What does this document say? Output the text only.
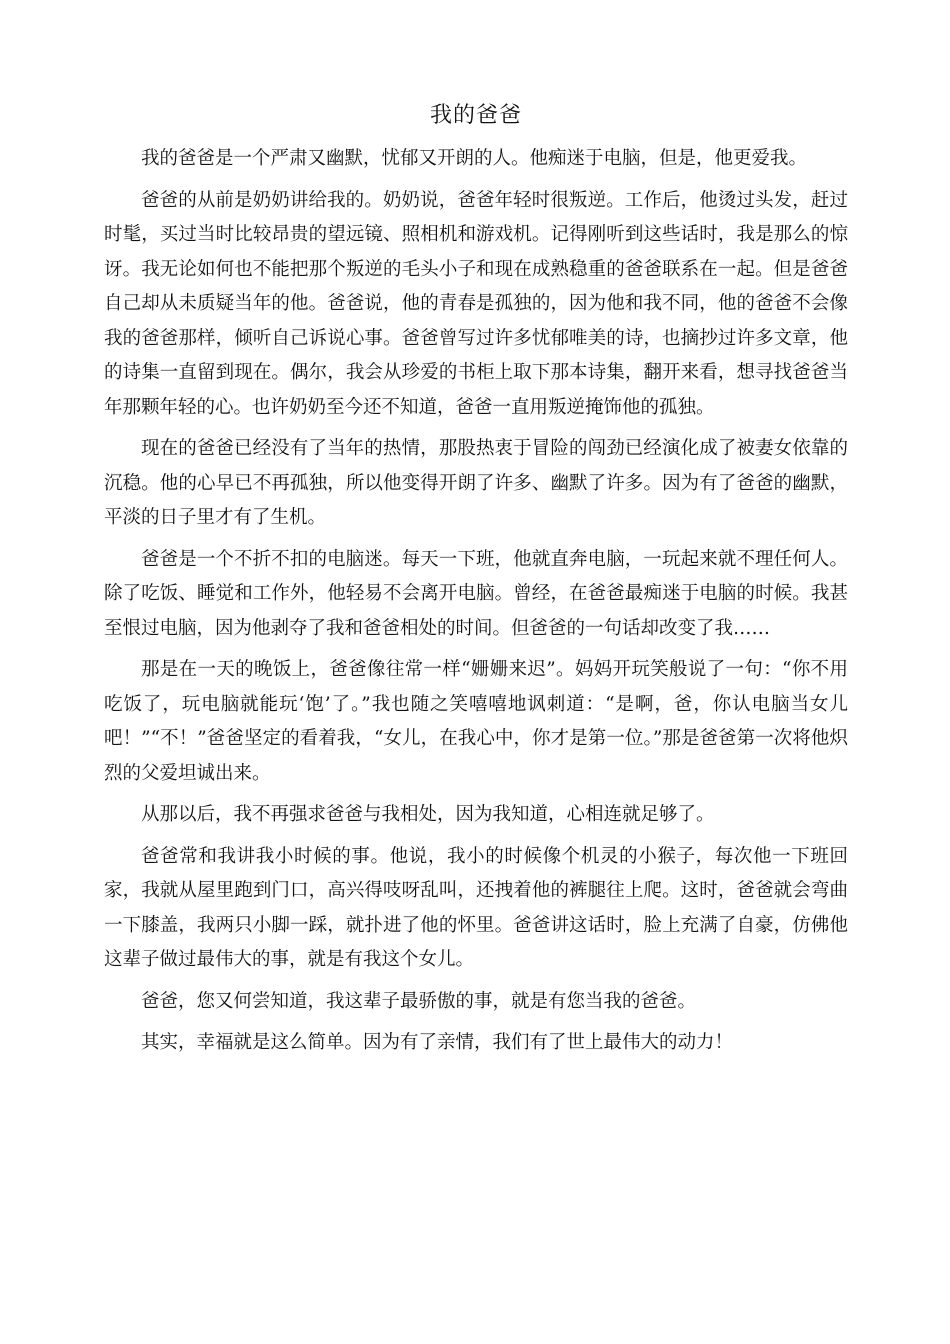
我的爸爸

我的爸爸是一个严肃又幽默，忧郁又开朗的人。他痴迷于电脑，但是，他更爱我。

爸爸的从前是奶奶讲给我的。奶奶说，爸爸年轻时很叛逆。工作后，他烫过头发，赶过时髦，买过当时比较昂贵的望远镜、照相机和游戏机。记得刚听到这些话时，我是那么的惊讶。我无论如何也不能把那个叛逆的毛头小子和现在成熟稳重的爸爸联系在一起。但是爸爸自己却从未质疑当年的他。爸爸说，他的青春是孤独的，因为他和我不同，他的爸爸不会像我的爸爸那样，倾听自己诉说心事。爸爸曾写过许多忧郁唯美的诗，也摘抄过许多文章，他的诗集一直留到现在。偶尔，我会从珍爱的书柜上取下那本诗集，翻开来看，想寻找爸爸当年那颗年轻的心。也许奶奶至今还不知道，爸爸一直用叛逆掩饰他的孤独。

现在的爸爸已经没有了当年的热情，那股热衷于冒险的闯劲已经演化成了被妻女依靠的沉稳。他的心早已不再孤独，所以他变得开朗了许多、幽默了许多。因为有了爸爸的幽默，平淡的日子里才有了生机。

爸爸是一个不折不扣的电脑迷。每天一下班，他就直奔电脑，一玩起来就不理任何人。除了吃饭、睡觉和工作外，他轻易不会离开电脑。曾经，在爸爸最痴迷于电脑的时候。我甚至恨过电脑，因为他剥夺了我和爸爸相处的时间。但爸爸的一句话却改变了我……

那是在一天的晚饭上，爸爸像往常一样“姗姗来迟”。妈妈开玩笑般说了一句：“你不用吃饭了，玩电脑就能玩‘饱’了。”我也随之笑嘻嘻地讽刺道：“是啊，爸，你认电脑当女儿吧！”“不！”爸爸坚定的看着我，“女儿，在我心中，你才是第一位。”那是爸爸第一次将他炽烈的父爱坦诚出来。

从那以后，我不再强求爸爸与我相处，因为我知道，心相连就足够了。

爸爸常和我讲我小时候的事。他说，我小的时候像个机灵的小猴子，每次他一下班回家，我就从屋里跑到门口，高兴得吱呀乱叫，还拽着他的裤腿往上爬。这时，爸爸就会弯曲一下膝盖，我两只小脚一踩，就扑进了他的怀里。爸爸讲这话时，脸上充满了自豪，仿佛他这辈子做过最伟大的事，就是有我这个女儿。

爸爸，您又何尝知道，我这辈子最骄傲的事，就是有您当我的爸爸。

其实，幸福就是这么简单。因为有了亲情，我们有了世上最伟大的动力！
